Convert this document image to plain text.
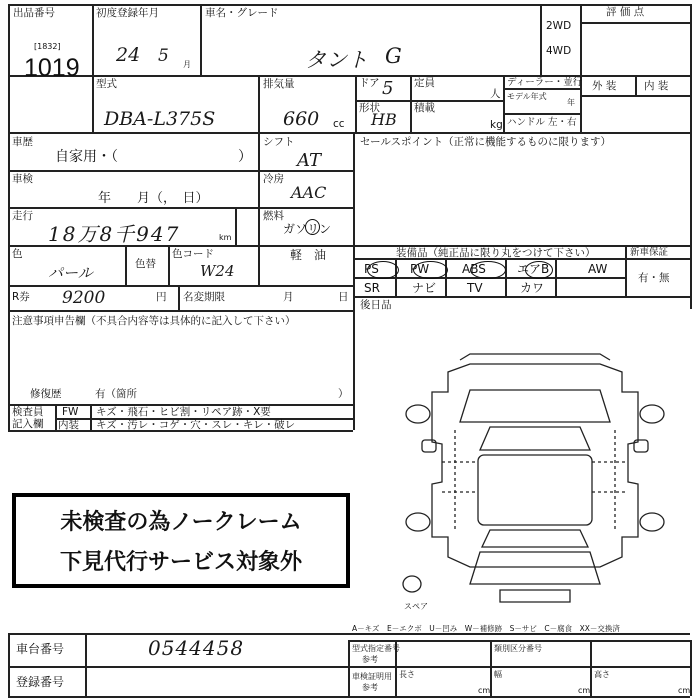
出品番号
[1832]
1019
初度登録年月
24 5 月
車名・グレード
タント G
2WD
4WD
評 価 点
型式
DBA-L375S
排気量
660 cc
ドア 5 定員
人
形状
HB
積載
kg
ディーラー・並行
モデル年式
年
ハンドル 左・右
外 装	内 装
車歴
自家用・（	）
シフト
AT
セールスポイント（正常に機能するものに限ります）
車検
年　　月（，　日）
冷房
AAC
走行
18万8千947	km
燃料
ガソリン
軽　油
色
パール	色替
色コード
W24
R券 9200	円 名変期限	月	日
注意事項申告欄（不具合内容等は具体的に記入して下さい）
修復歴	有（箇所	）
検査員
記入欄
FW キズ・飛石・ヒビ割・リペア跡・X要
内装 キズ・汚レ・コゲ・穴・スレ・キレ・破レ
装備品（純正品に限り丸をつけて下さい）	新車保証
有・無
PS	PW	ABS	エアB	AW
SR	ナビ	TV	カワ
後日品
未検査の為ノークレーム
下見代行サービス対象外
スペア
A－キズ　E－エクボ　U－凹み　W－補修跡　S－サビ　C－腐食　XX－交換済
車台番号	0544458
登録番号
型式指定番号
参考
類別区分番号
車検証明用
参考
長さ
cm
幅
cm
高さ
cm
